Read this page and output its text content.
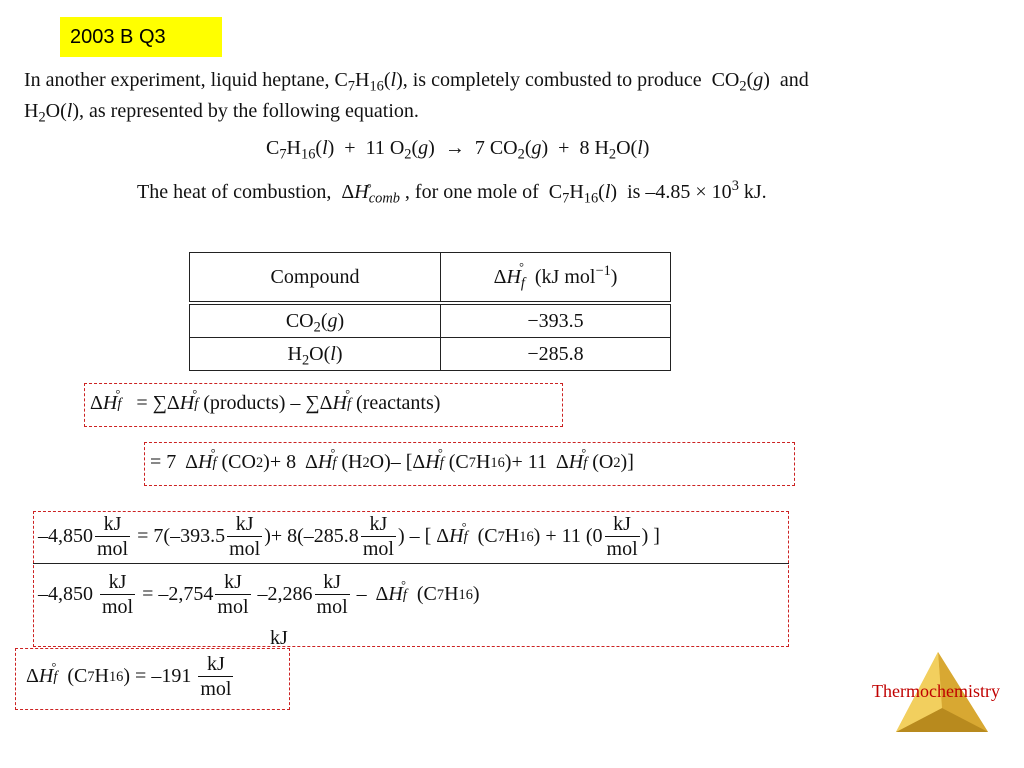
2003 B Q3
In another experiment, liquid heptane, $C_7H_{16}(l)$, is completely combusted to produce  $CO_2(g)$  and
$H_2O(l)$, as represented by the following equation.
$C_7H_{16}(l) + 11$ $O_2(g) \to 7$ $CO_2(g) + 8$ $H_2O(l)$
The heat of combustion,  ΔH $^\circ_{comb}$ , for one mole of  $C_7H_{16}(l)$  is $-4.85 \times 10^3$ kJ.
Compound	ΔH $^\circ_f$ (kJ mol$^{-1}$)
$CO_2(g)$	−393.5
$H_2O(l)$	−285.8
Δ H ° f = ∑ Δ H ° f
(products) –
∑ Δ H ° f
(reactants)
=
7 Δ H ° f
(CO 2 ) + 8 Δ H ° f
(H 2 O) – [ Δ H ° f
(C 7 H 16 ) + 11 Δ H ° f
(O 2 )]
$-4,850 \frac{kJ}{\text{mol}}$
= $7(-393.5 \frac{kJ}{\text{mol}}$ )+ $8(-285.8 \frac{kJ}{\text{mol}}$ ) – [ Δ H ° f (C 7 H 16 ) + 11 ($0 \frac{kJ}{\text{mol}}$ ) ]
–4,850
$\frac{kJ}{\text{mol}}$
= $-2,754 \frac{kJ}{\text{mol}}$
$-2,286 \frac{kJ}{\text{mol}}$
– Δ H ° f (C 7 H 16 )
kJ
Δ H ° f (C 7 H 16 ) = –191
$\frac{kJ}{\text{mol}}$	Thermochemistry
